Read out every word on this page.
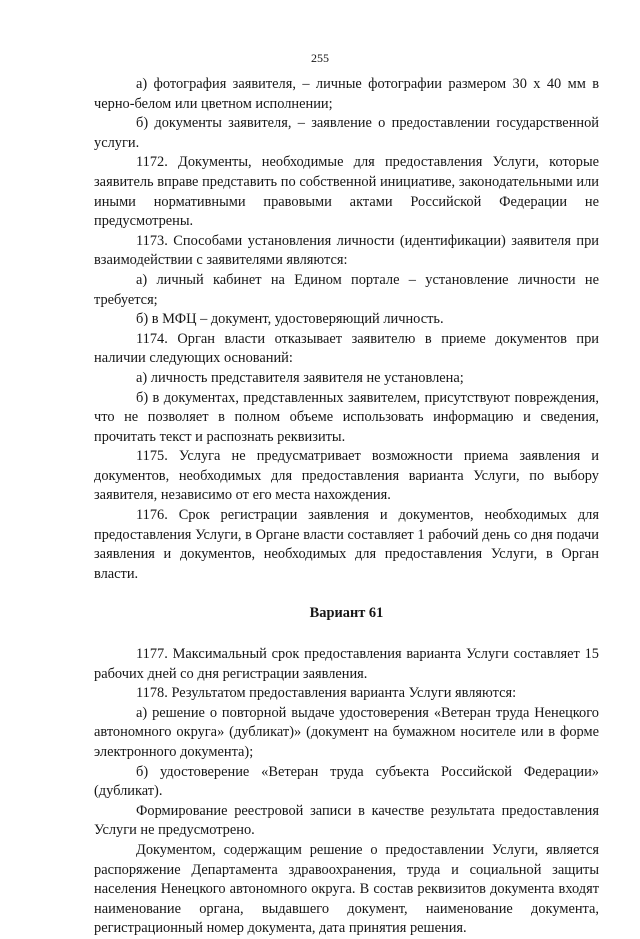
255

а) фотография заявителя, – личные фотографии размером 30 х 40 мм в черно-белом или цветном исполнении;

б) документы заявителя, – заявление о предоставлении государственной услуги.

1172. Документы, необходимые для предоставления Услуги, которые заявитель вправе представить по собственной инициативе, законодательными или иными нормативными правовыми актами Российской Федерации не предусмотрены.

1173. Способами установления личности (идентификации) заявителя при взаимодействии с заявителями являются:

а) личный кабинет на Едином портале – установление личности не требуется;

б) в МФЦ – документ, удостоверяющий личность.

1174. Орган власти отказывает заявителю в приеме документов при наличии следующих оснований:

а) личность представителя заявителя не установлена;

б) в документах, представленных заявителем, присутствуют повреждения, что не позволяет в полном объеме использовать информацию и сведения, прочитать текст и распознать реквизиты.

1175. Услуга не предусматривает возможности приема заявления и документов, необходимых для предоставления варианта Услуги, по выбору заявителя, независимо от его места нахождения.

1176. Срок регистрации заявления и документов, необходимых для предоставления Услуги, в Органе власти составляет 1 рабочий день со дня подачи заявления и документов, необходимых для предоставления Услуги, в Орган власти.

Вариант 61

1177. Максимальный срок предоставления варианта Услуги составляет 15 рабочих дней со дня регистрации заявления.

1178. Результатом предоставления варианта Услуги являются:

а) решение о повторной выдаче удостоверения «Ветеран труда Ненецкого автономного округа» (дубликат)» (документ на бумажном носителе или в форме электронного документа);

б) удостоверение «Ветеран труда субъекта Российской Федерации» (дубликат).

Формирование реестровой записи в качестве результата предоставления Услуги не предусмотрено.

Документом, содержащим решение о предоставлении Услуги, является распоряжение Департамента здравоохранения, труда и социальной защиты населения Ненецкого автономного округа. В состав реквизитов документа входят наименование органа, выдавшего документ, наименование документа, регистрационный номер документа, дата принятия решения.
